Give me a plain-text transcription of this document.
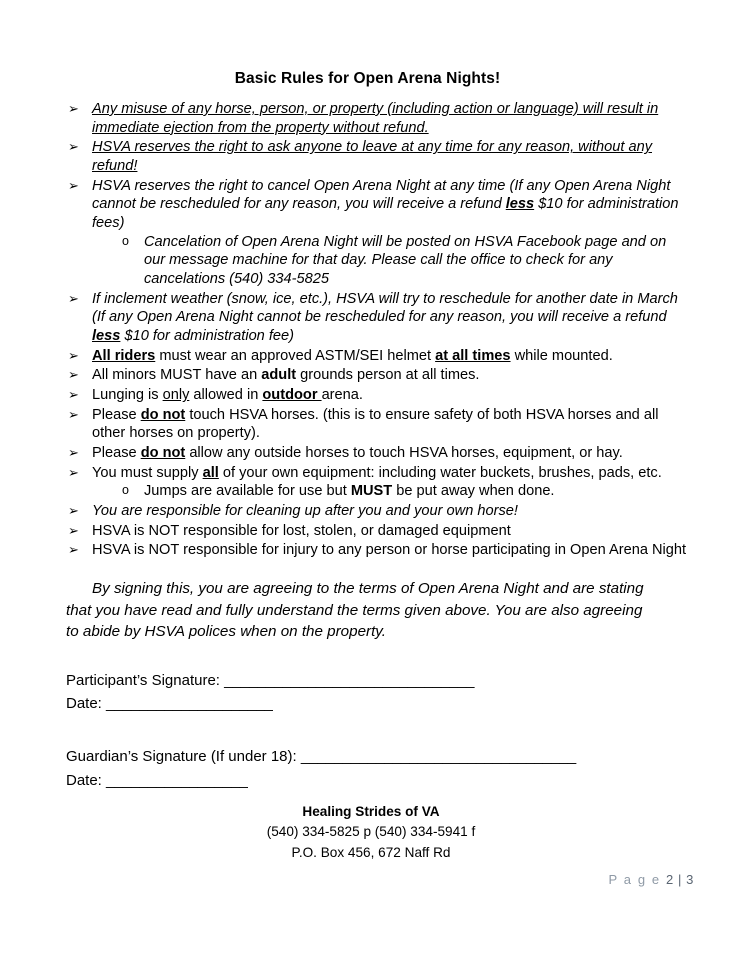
Basic Rules for Open Arena Nights!
➢ Any misuse of any horse, person, or property (including action or language) will result in immediate ejection from the property without refund.
➢ HSVA reserves the right to ask anyone to leave at any time for any reason, without any refund!
➢ HSVA reserves the right to cancel Open Arena Night at any time (If any Open Arena Night cannot be rescheduled for any reason, you will receive a refund less $10 for administration fees)
o Cancelation of Open Arena Night will be posted on HSVA Facebook page and on our message machine for that day. Please call the office to check for any cancelations (540) 334-5825
➢ If inclement weather (snow, ice, etc.), HSVA will try to reschedule for another date in March (If any Open Arena Night cannot be rescheduled for any reason, you will receive a refund less $10 for administration fee)
➢ All riders must wear an approved ASTM/SEI helmet at all times while mounted.
➢ All minors MUST have an adult grounds person at all times.
➢ Lunging is only allowed in outdoor arena.
➢ Please do not touch HSVA horses. (this is to ensure safety of both HSVA horses and all other horses on property).
➢ Please do not allow any outside horses to touch HSVA horses, equipment, or hay.
➢ You must supply all of your own equipment: including water buckets, brushes, pads, etc.
o Jumps are available for use but MUST be put away when done.
➢ You are responsible for cleaning up after you and your own horse!
➢ HSVA is NOT responsible for lost, stolen, or damaged equipment
➢ HSVA is NOT responsible for injury to any person or horse participating in Open Arena Night

By signing this, you are agreeing to the terms of Open Arena Night and are stating that you have read and fully understand the terms given above. You are also agreeing to abide by HSVA polices when on the property.

Participant’s Signature: ______________________________
Date: ____________________
Guardian’s Signature (If under 18): _________________________________
Date: _________________
Healing Strides of VA
(540) 334-5825 p (540) 334-5941 f
P.O. Box 456, 672 Naff Rd
P a g e 2 | 3
